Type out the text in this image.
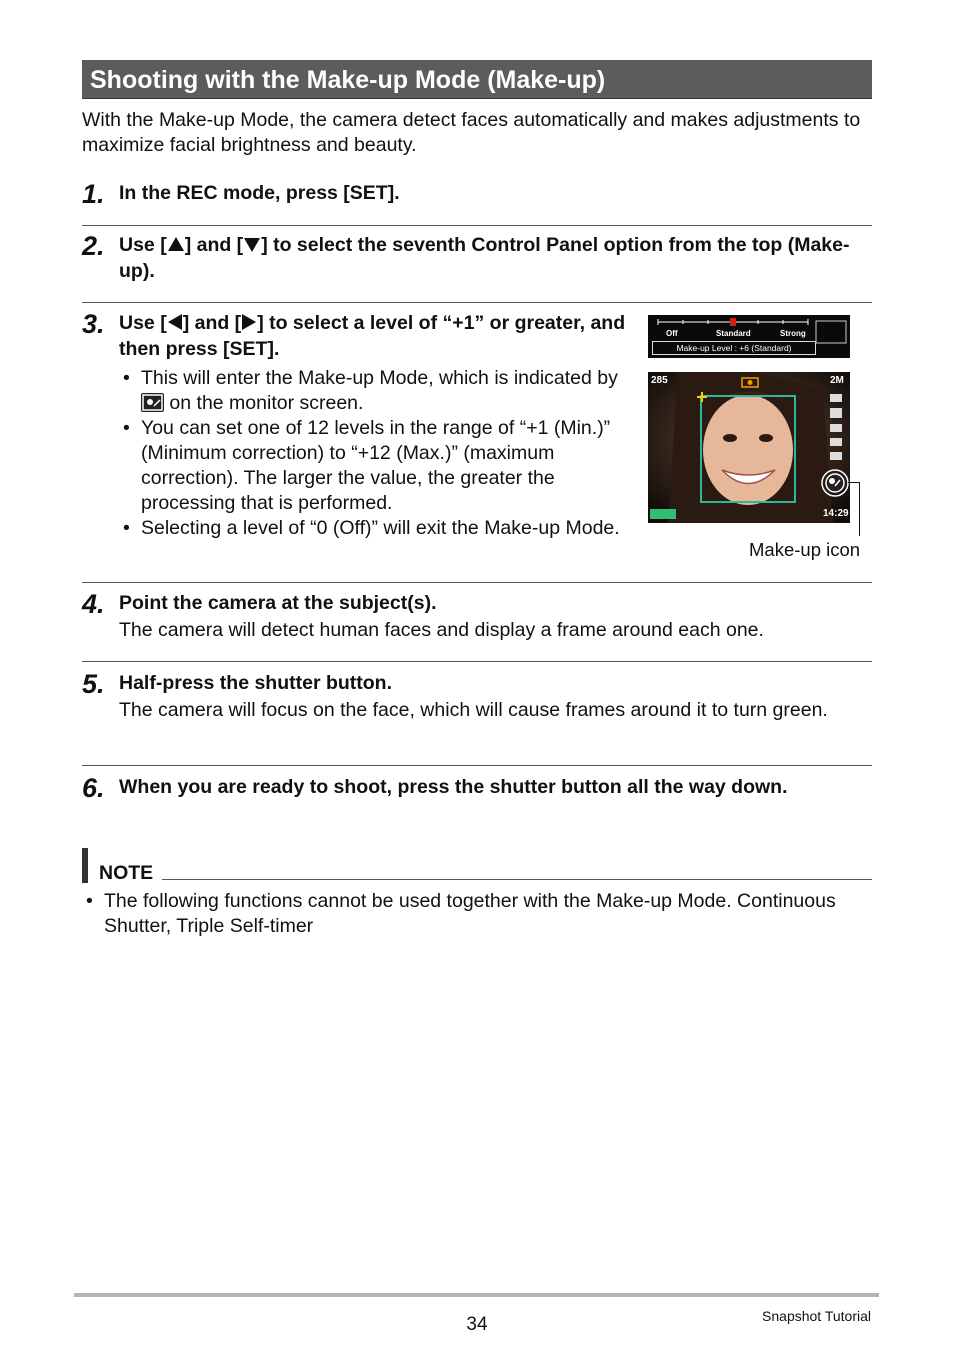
Shooting with the Make-up Mode (Make-up)
With the Make-up Mode, the camera detect faces automatically and makes adjustments to maximize facial brightness and beauty.
1. In the REC mode, press [SET].
2. Use [ ] and [ ] to select the seventh Control Panel option from the top (Make-up).
3. Use [ ] and [ ] to select a level of “+1” or greater, and then press [SET].
• This will enter the Make-up Mode, which is indicated by  on the monitor screen.
• You can set one of 12 levels in the range of “+1 (Min.)” (Minimum correction) to “+12 (Max.)” (maximum correction). The larger the value, the greater the processing that is performed.
• Selecting a level of “0 (Off)” will exit the Make-up Mode.
Off	Standard	Strong
Make-up Level : +6 (Standard)
285	2M
14:29
Make-up icon
4. Point the camera at the subject(s).
The camera will detect human faces and display a frame around each one.
5. Half-press the shutter button.
The camera will focus on the face, which will cause frames around it to turn green.
6. When you are ready to shoot, press the shutter button all the way down.
NOTE
• The following functions cannot be used together with the Make-up Mode. Continuous Shutter, Triple Self-timer
34	Snapshot Tutorial
